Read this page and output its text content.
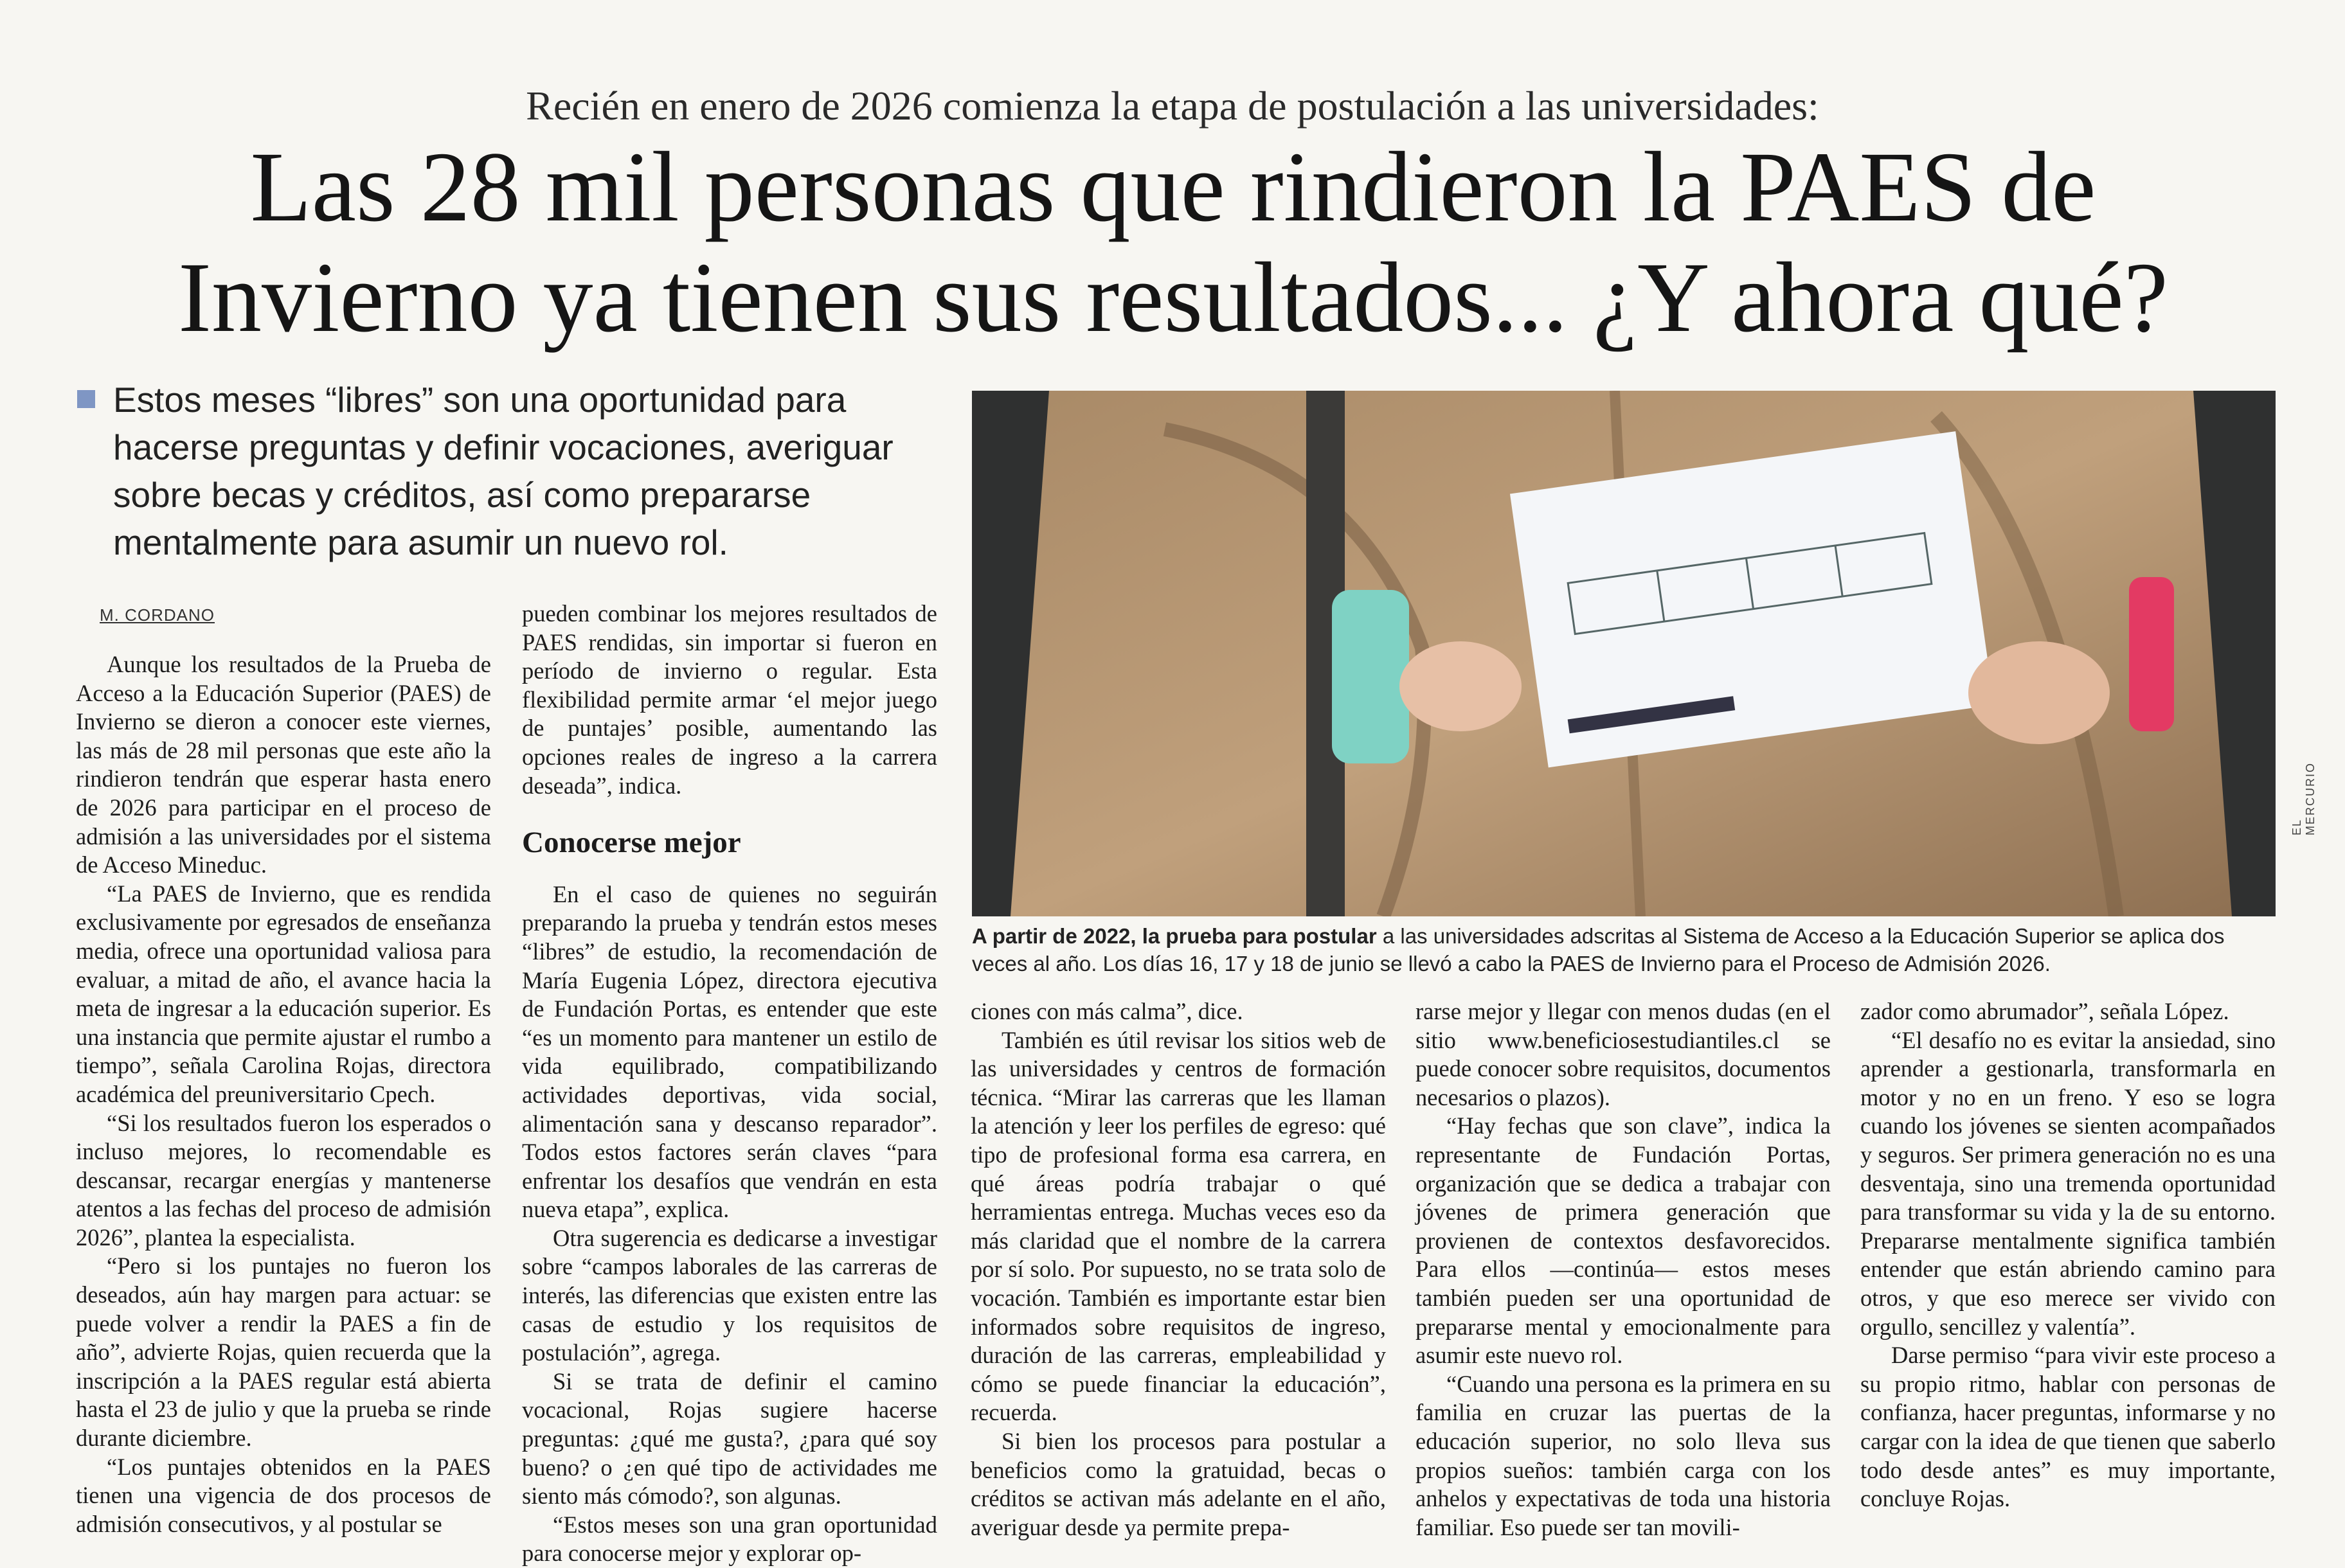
Recién en enero de 2026 comienza la etapa de postulación a las universidades:
Las 28 mil personas que rindieron la PAES de
Invierno ya tienen sus resultados... ¿Y ahora qué?
Estos meses “libres” son una oportunidad para hacerse preguntas y definir vocaciones, averiguar sobre becas y créditos, así como prepararse mentalmente para asumir un nuevo rol.
M. CORDANO

Aunque los resultados de la Prueba de Acceso a la Educación Superior (PAES) de Invierno se dieron a conocer este viernes, las más de 28 mil personas que este año la rindieron tendrán que esperar hasta enero de 2026 para participar en el proceso de admisión a las universidades por el sistema de Acceso Mineduc.

“La PAES de Invierno, que es rendida exclusivamente por egresados de enseñanza media, ofrece una oportunidad valiosa para evaluar, a mitad de año, el avance hacia la meta de ingresar a la educación superior. Es una instancia que permite ajustar el rumbo a tiempo”, señala Carolina Rojas, directora académica del preuniversitario Cpech.

“Si los resultados fueron los esperados o incluso mejores, lo recomendable es descansar, recargar energías y mantenerse atentos a las fechas del proceso de admisión 2026”, plantea la especialista.

“Pero si los puntajes no fueron los deseados, aún hay margen para actuar: se puede volver a rendir la PAES a fin de año”, advierte Rojas, quien recuerda que la inscripción a la PAES regular está abierta hasta el 23 de julio y que la prueba se rinde durante diciembre.

“Los puntajes obtenidos en la PAES tienen una vigencia de dos procesos de admisión consecutivos, y al postular se

pueden combinar los mejores resultados de PAES rendidas, sin importar si fueron en período de invierno o regular. Esta flexibilidad permite armar ‘el mejor juego de puntajes’ posible, aumentando las opciones reales de ingreso a la carrera deseada”, indica.

Conocerse mejor

En el caso de quienes no seguirán preparando la prueba y tendrán estos meses “libres” de estudio, la recomendación de María Eugenia López, directora ejecutiva de Fundación Portas, es entender que este “es un momento para mantener un estilo de vida equilibrado, compatibilizando actividades deportivas, vida social, alimentación sana y descanso reparador”. Todos estos factores serán claves “para enfrentar los desafíos que vendrán en esta nueva etapa”, explica.

Otra sugerencia es dedicarse a investigar sobre “campos laborales de las carreras de interés, las diferencias que existen entre las casas de estudio y los requisitos de postulación”, agrega.

Si se trata de definir el camino vocacional, Rojas sugiere hacerse preguntas: ¿qué me gusta?, ¿para qué soy bueno? o ¿en qué tipo de actividades me siento más cómodo?, son algunas.

“Estos meses son una gran oportunidad para conocerse mejor y explorar op-

EL MERCURIO
A partir de 2022, la prueba para postular a las universidades adscritas al Sistema de Acceso a la Educación Superior se aplica dos veces al año. Los días 16, 17 y 18 de junio se llevó a cabo la PAES de Invierno para el Proceso de Admisión 2026.

ciones con más calma”, dice.

También es útil revisar los sitios web de las universidades y centros de formación técnica. “Mirar las carreras que les llaman la atención y leer los perfiles de egreso: qué tipo de profesional forma esa carrera, en qué áreas podría trabajar o qué herramientas entrega. Muchas veces eso da más claridad que el nombre de la carrera por sí solo. Por supuesto, no se trata solo de vocación. También es importante estar bien informados sobre requisitos de ingreso, duración de las carreras, empleabilidad y cómo se puede financiar la educación”, recuerda.

Si bien los procesos para postular a beneficios como la gratuidad, becas o créditos se activan más adelante en el año, averiguar desde ya permite prepa-

rarse mejor y llegar con menos dudas (en el sitio www.beneficiosestudiantiles.cl se puede conocer sobre requisitos, documentos necesarios o plazos).

“Hay fechas que son clave”, indica la representante de Fundación Portas, organización que se dedica a trabajar con jóvenes de primera generación que provienen de contextos desfavorecidos. Para ellos —continúa— estos meses también pueden ser una oportunidad de prepararse mental y emocionalmente para asumir este nuevo rol.

“Cuando una persona es la primera en su familia en cruzar las puertas de la educación superior, no solo lleva sus propios sueños: también carga con los anhelos y expectativas de toda una historia familiar. Eso puede ser tan movili-

zador como abrumador”, señala López.

“El desafío no es evitar la ansiedad, sino aprender a gestionarla, transformarla en motor y no en un freno. Y eso se logra cuando los jóvenes se sienten acompañados y seguros. Ser primera generación no es una desventaja, sino una tremenda oportunidad para transformar su vida y la de su entorno. Prepararse mentalmente significa también entender que están abriendo camino para otros, y que eso merece ser vivido con orgullo, sencillez y valentía”.

Darse permiso “para vivir este proceso a su propio ritmo, hablar con personas de confianza, hacer preguntas, informarse y no cargar con la idea de que tienen que saberlo todo desde antes” es muy importante, concluye Rojas.
